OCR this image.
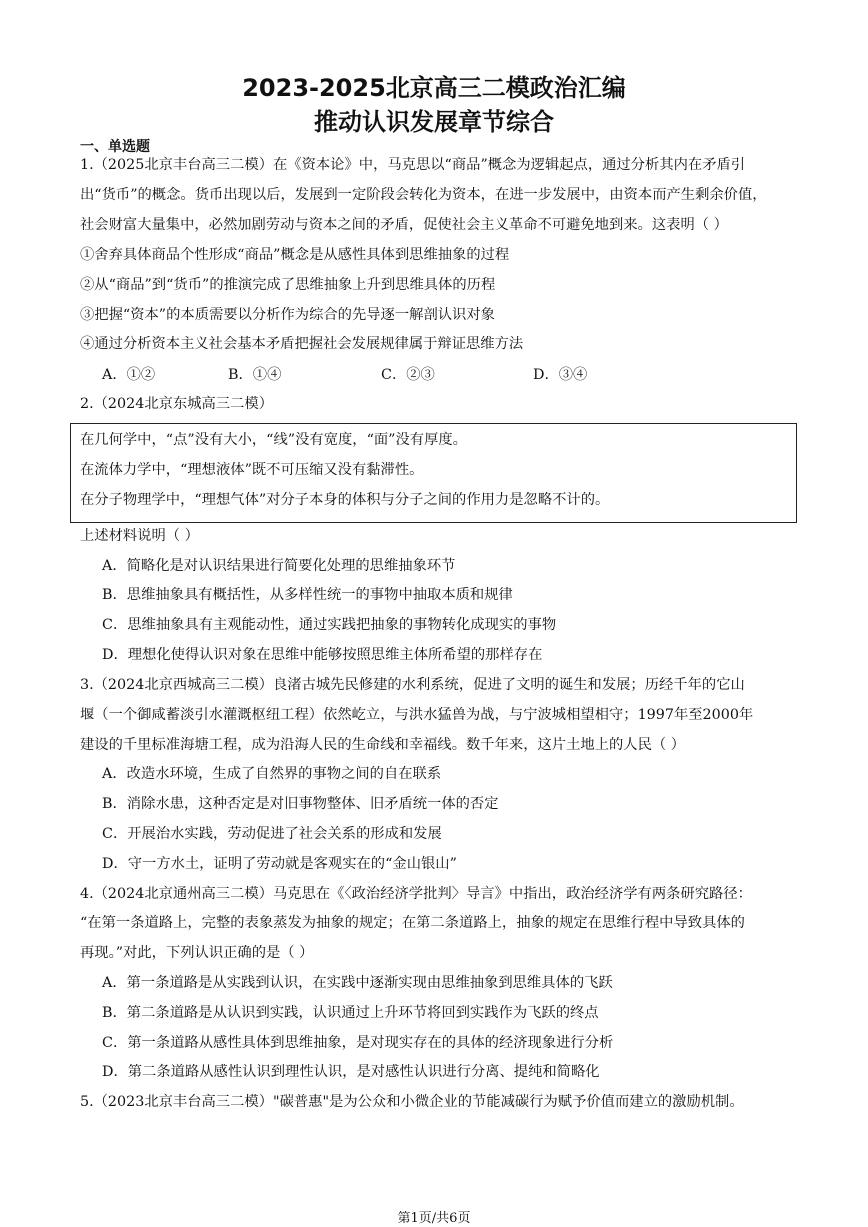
2023-2025北京高三二模政治汇编
推动认识发展章节综合
一、单选题
1.（2025北京丰台高三二模）在《资本论》中，马克思以“商品”概念为逻辑起点，通过分析其内在矛盾引
出“货币”的概念。货币出现以后，发展到一定阶段会转化为资本，在进一步发展中，由资本而产生剩余价值，
社会财富大量集中，必然加剧劳动与资本之间的矛盾，促使社会主义革命不可避免地到来。这表明（ ）
①舍弃具体商品个性形成“商品”概念是从感性具体到思维抽象的过程
②从“商品”到“货币”的推演完成了思维抽象上升到思维具体的历程
③把握“资本”的本质需要以分析作为综合的先导逐一解剖认识对象
④通过分析资本主义社会基本矛盾把握社会发展规律属于辩证思维方法
A．①②	B．①④	C．②③	D．③④
2.（2024北京东城高三二模）
在几何学中，“点”没有大小，“线”没有宽度，“面”没有厚度。
在流体力学中，“理想液体”既不可压缩又没有黏滞性。
在分子物理学中，“理想气体”对分子本身的体积与分子之间的作用力是忽略不计的。
上述材料说明（ ）
A．简略化是对认识结果进行简要化处理的思维抽象环节
B．思维抽象具有概括性，从多样性统一的事物中抽取本质和规律
C．思维抽象具有主观能动性，通过实践把抽象的事物转化成现实的事物
D．理想化使得认识对象在思维中能够按照思维主体所希望的那样存在
3.（2024北京西城高三二模）良渚古城先民修建的水利系统，促进了文明的诞生和发展；历经千年的它山
堰（一个御咸蓄淡引水灌溉枢纽工程）依然屹立，与洪水猛兽为战，与宁波城相望相守；1997年至2000年
建设的千里标准海塘工程，成为沿海人民的生命线和幸福线。数千年来，这片土地上的人民（ ）
A．改造水环境，生成了自然界的事物之间的自在联系
B．消除水患，这种否定是对旧事物整体、旧矛盾统一体的否定
C．开展治水实践，劳动促进了社会关系的形成和发展
D．守一方水土，证明了劳动就是客观实在的“金山银山”
4.（2024北京通州高三二模）马克思在《〈政治经济学批判〉导言》中指出，政治经济学有两条研究路径：
“在第一条道路上，完整的表象蒸发为抽象的规定；在第二条道路上，抽象的规定在思维行程中导致具体的
再现。”对此，下列认识正确的是（ ）
A．第一条道路是从实践到认识，在实践中逐渐实现由思维抽象到思维具体的飞跃
B．第二条道路是从认识到实践，认识通过上升环节将回到实践作为飞跃的终点
C．第一条道路从感性具体到思维抽象，是对现实存在的具体的经济现象进行分析
D．第二条道路从感性认识到理性认识，是对感性认识进行分离、提纯和简略化
5.（2023北京丰台高三二模）"碳普惠"是为公众和小微企业的节能减碳行为赋予价值而建立的激励机制。
第1页/共6页
